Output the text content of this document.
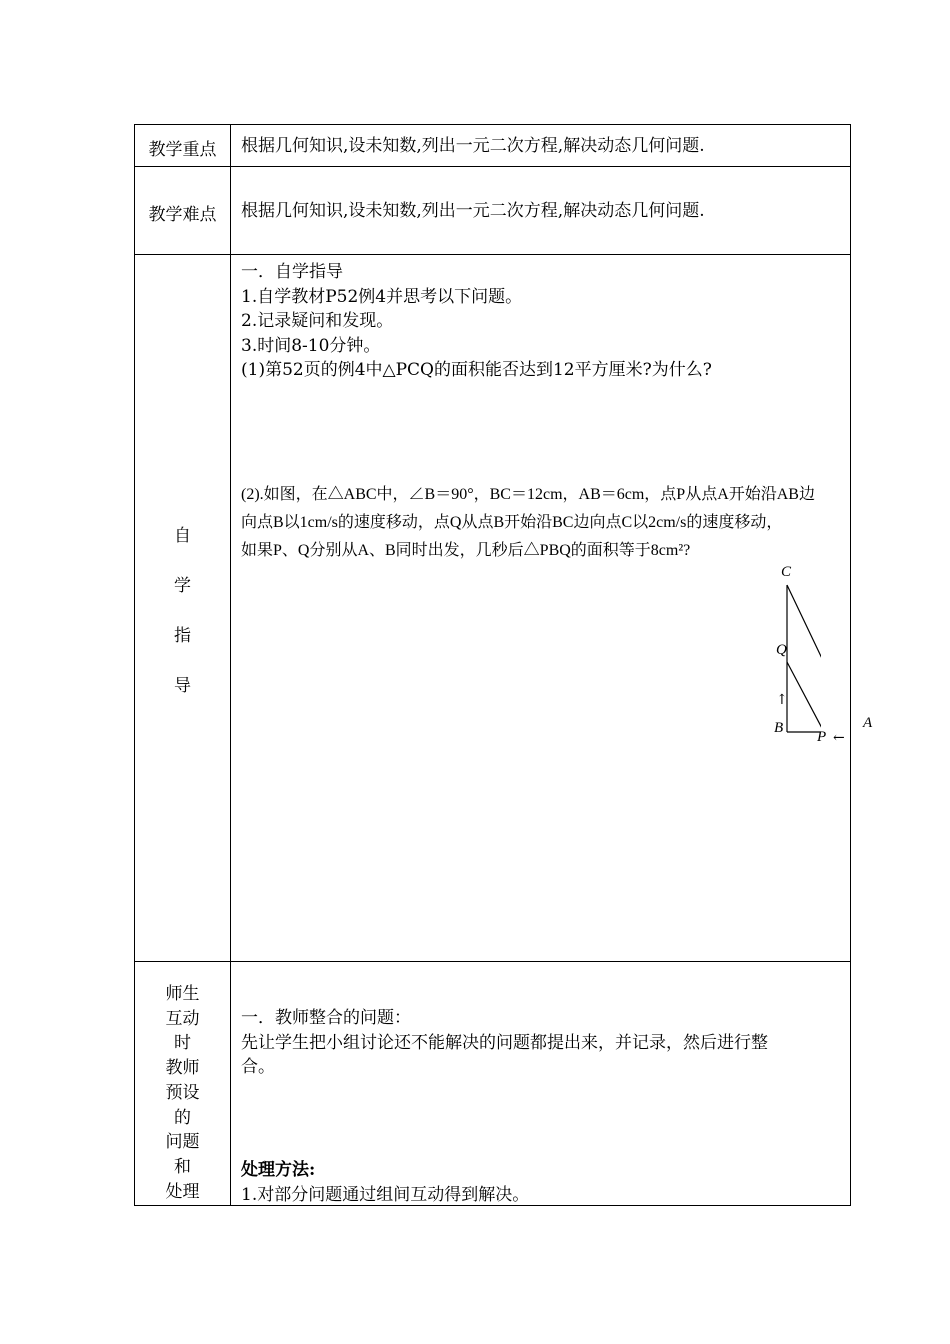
教学重点	根据几何知识,设未知数,列出一元二次方程,解决动态几何问题.
教学难点	根据几何知识,设未知数,列出一元二次方程,解决动态几何问题.
自
学
指
导
一．自学指导
1.自学教材P52例4并思考以下问题。
2.记录疑问和发现。
3.时间8-10分钟。
(1)第52页的例4中△PCQ的面积能否达到12平方厘米?为什么?
(2).如图，在△ABC中，∠B＝90°，BC＝12cm，AB＝6cm，点P从点A开始沿AB边
向点B以1cm/s的速度移动，点Q从点B开始沿BC边向点C以2cm/s的速度移动，
如果P、Q分别从A、B同时出发，几秒后△PBQ的面积等于8cm²?
C
Q
↑
B
P ←
A
师生
互动
时
教师
预设
的
问题
和
处理
一．教师整合的问题：
先让学生把小组讨论还不能解决的问题都提出来，并记录，然后进行整
合。
处理方法:
1.对部分问题通过组间互动得到解决。
